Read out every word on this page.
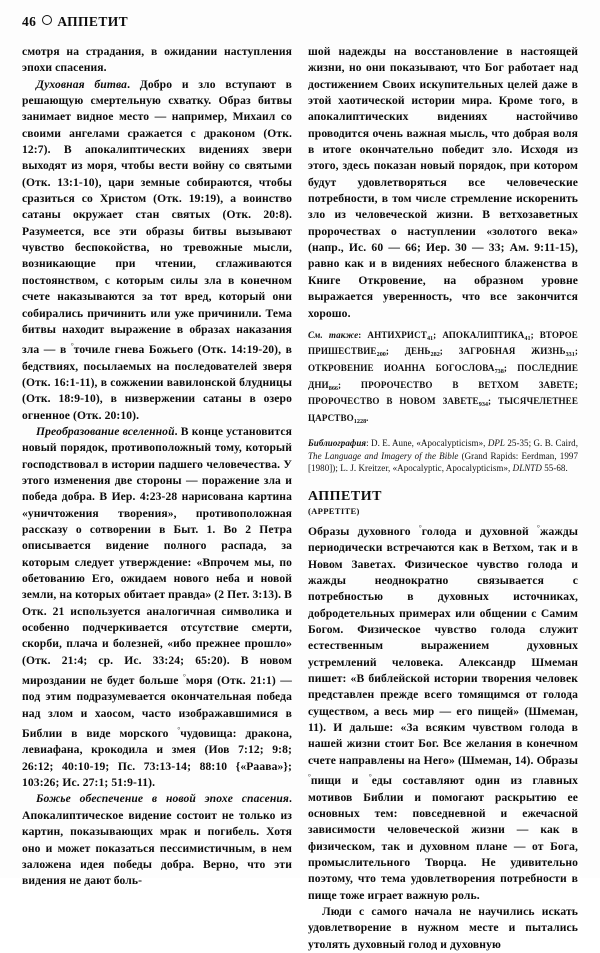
46 АППЕТИТ

смотря на страдания, в ожидании наступления эпохи спасения.

Духовная битва. Добро и зло вступают в решающую смертельную схватку. Образ битвы занимает видное место — например, Михаил со своими ангелами сражается с драконом (Отк. 12:7). В апокалиптических видениях звери выходят из моря, чтобы вести войну со святыми (Отк. 13:1-10), цари земные собираются, чтобы сразиться со Христом (Отк. 19:19), а воинство сатаны окружает стан святых (Отк. 20:8). Разумеется, все эти образы битвы вызывают чувство беспокойства, но тревожные мысли, возникающие при чтении, сглаживаются постоянством, с которым силы зла в конечном счете наказываются за тот вред, который они собирались причинить или уже причинили. Тема битвы находит выражение в образах наказания зла — в °точиле гнева Божьего (Отк. 14:19-20), в бедствиях, посылаемых на последователей зверя (Отк. 16:1-11), в сожжении вавилонской блудницы (Отк. 18:9-10), в низвержении сатаны в озеро огненное (Отк. 20:10).

Преобразование вселенной. В конце установится новый порядок, противоположный тому, который господствовал в истории падшего человечества. У этого изменения две стороны — поражение зла и победа добра. В Иер. 4:23-28 нарисована картина «уничтожения творения», противоположная рассказу о сотворении в Быт. 1. Во 2 Петра описывается видение полного распада, за которым следует утверждение: «Впрочем мы, по обетованию Его, ожидаем нового неба и новой земли, на которых обитает правда» (2 Пет. 3:13). В Отк. 21 используется аналогичная символика и особенно подчеркивается отсутствие смерти, скорби, плача и болезней, «ибо прежнее прошло» (Отк. 21:4; ср. Ис. 33:24; 65:20). В новом мироздании не будет больше °моря (Отк. 21:1) — под этим подразумевается окончательная победа над злом и хаосом, часто изображавшимися в Библии в виде морского °чудовища: дракона, левиафана, крокодила и змея (Иов 7:12; 9:8; 26:12; 40:10-19; Пс. 73:13-14; 88:10 {«Раава»}; 103:26; Ис. 27:1; 51:9-11).

Божье обеспечение в новой эпохе спасения. Апокалиптическое видение состоит не только из картин, показывающих мрак и погибель. Хотя оно и может показаться пессимистичным, в нем заложена идея победы добра. Верно, что эти видения не дают боль-

шой надежды на восстановление в настоящей жизни, но они показывают, что Бог работает над достижением Своих искупительных целей даже в этой хаотической истории мира. Кроме того, в апокалиптических видениях настойчиво проводится очень важная мысль, что добрая воля в итоге окончательно победит зло. Исходя из этого, здесь показан новый порядок, при котором будут удовлетворяться все человеческие потребности, в том числе стремление искоренить зло из человеческой жизни. В ветхозаветных пророчествах о наступлении «золотого века» (напр., Ис. 60 — 66; Иер. 30 — 33; Ам. 9:11-15), равно как и в видениях небесного блаженства в Книге Откровение, на образном уровне выражается уверенность, что все закончится хорошо.

См. также: $АНТИХРИСТ_{41}$; $АПОКАЛИПТИКА_{41}$; ВТОРОЕ $ПРИШЕСТВИЕ_{200}$; $ДЕНЬ_{282}$; ЗАГРОБНАЯ $ЖИЗНЬ_{331}$; ОТКРОВЕНИЕ ИОАННА $БОГОСЛОВА_{738}$; ПОСЛЕДНИЕ $ДНИ_{866}$; ПРОРОЧЕСТВО В ВЕТХОМ ЗАВЕТЕ; ПРОРОЧЕСТВО В НОВОМ $ЗАВЕТЕ_{934}$; ТЫСЯЧЕЛЕТНЕЕ $ЦАРСТВО_{1228}$.
Библиография: D. E. Aune, «Apocalypticism», DPL 25-35; G. B. Caird, The Language and Imagery of the Bible (Grand Rapids: Eerdman, 1997 [1980]); L. J. Kreitzer, «Apocalyptic, Apocalypticism», DLNTD 55-68.
АППЕТИТ
(APPETITE)

Образы духовного °голода и духовной °жажды периодически встречаются как в Ветхом, так и в Новом Заветах. Физическое чувство голода и жажды неоднократно связывается с потребностью в духовных источниках, добродетельных примерах или общении с Самим Богом. Физическое чувство голода служит естественным выражением духовных устремлений человека. Александр Шмеман пишет: «В библейской истории творения человек представлен прежде всего томящимся от голода существом, а весь мир — его пищей» (Шмеман, 11). И дальше: «За всяким чувством голода в нашей жизни стоит Бог. Все желания в конечном счете направлены на Него» (Шмеман, 14). Образы °пищи и °еды составляют один из главных мотивов Библии и помогают раскрытию ее основных тем: повседневной и ежечасной зависимости человеческой жизни — как в физическом, так и духовном плане — от Бога, промыслительного Творца. Не удивительно поэтому, что тема удовлетворения потребности в пище тоже играет важную роль.

Люди с самого начала не научились искать удовлетворение в нужном месте и пытались утолять духовный голод и духовную
